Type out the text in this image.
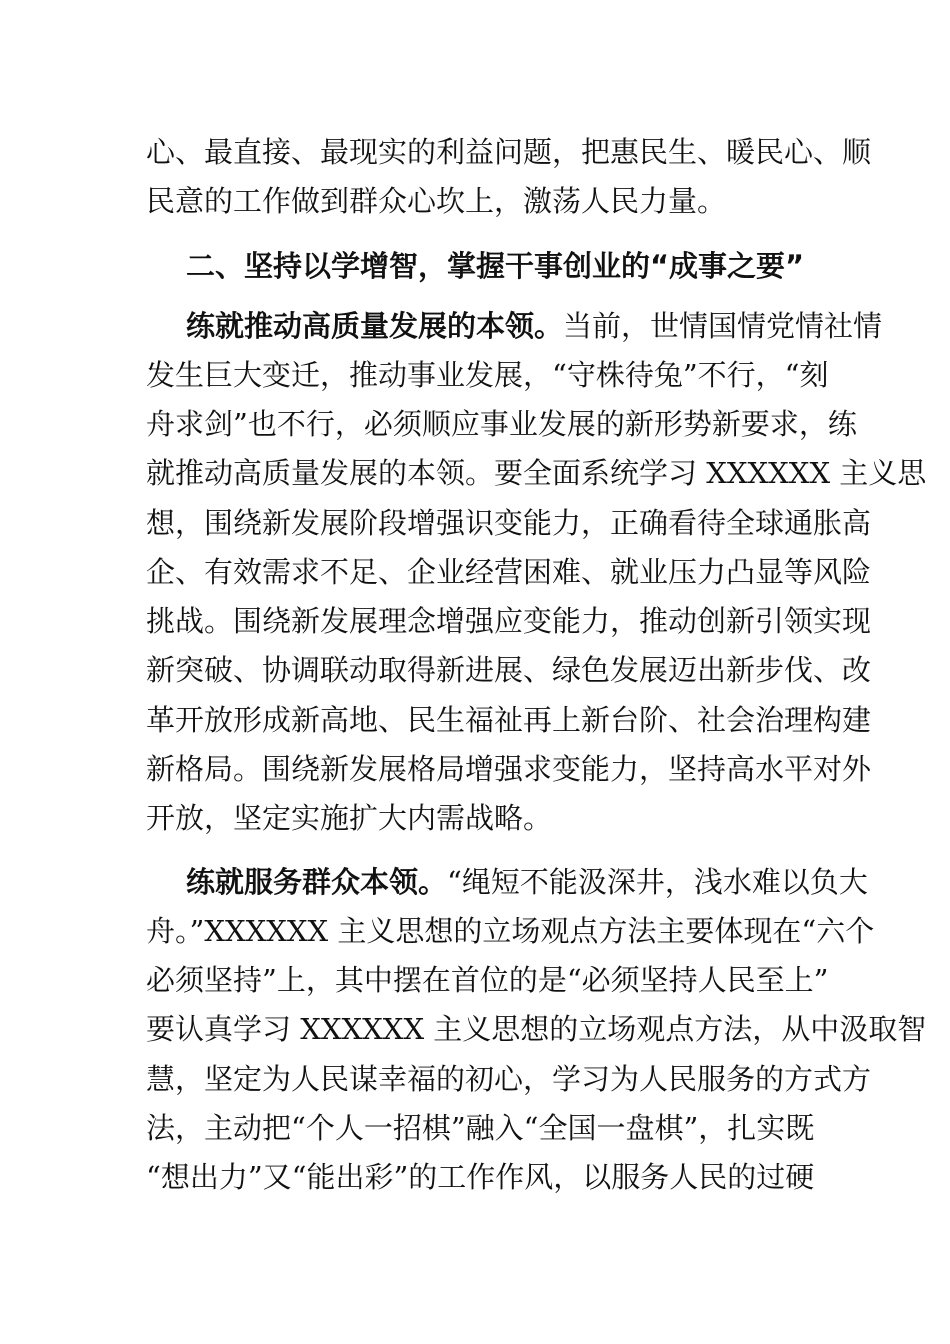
心、最直接、最现实的利益问题，把惠民生、暖民心、顺
民意的工作做到群众心坎上，激荡人民力量。
二、坚持以学增智，掌握干事创业的“成事之要”
练就推动高质量发展的本领。当前，世情国情党情社情
发生巨大变迁，推动事业发展，“守株待兔”不行，“刻
舟求剑”也不行，必须顺应事业发展的新形势新要求，练
就推动高质量发展的本领。要全面系统学习 XXXXXX 主义思
想，围绕新发展阶段增强识变能力，正确看待全球通胀高
企、有效需求不足、企业经营困难、就业压力凸显等风险
挑战。围绕新发展理念增强应变能力，推动创新引领实现
新突破、协调联动取得新进展、绿色发展迈出新步伐、改
革开放形成新高地、民生福祉再上新台阶、社会治理构建
新格局。围绕新发展格局增强求变能力，坚持高水平对外
开放，坚定实施扩大内需战略。
练就服务群众本领。“绳短不能汲深井，浅水难以负大
舟。”XXXXXX 主义思想的立场观点方法主要体现在“六个
必须坚持”上，其中摆在首位的是“必须坚持人民至上”
要认真学习 XXXXXX 主义思想的立场观点方法，从中汲取智
慧，坚定为人民谋幸福的初心，学习为人民服务的方式方
法，主动把“个人一招棋”融入“全国一盘棋”，扎实既
“想出力”又“能出彩”的工作作风，以服务人民的过硬
